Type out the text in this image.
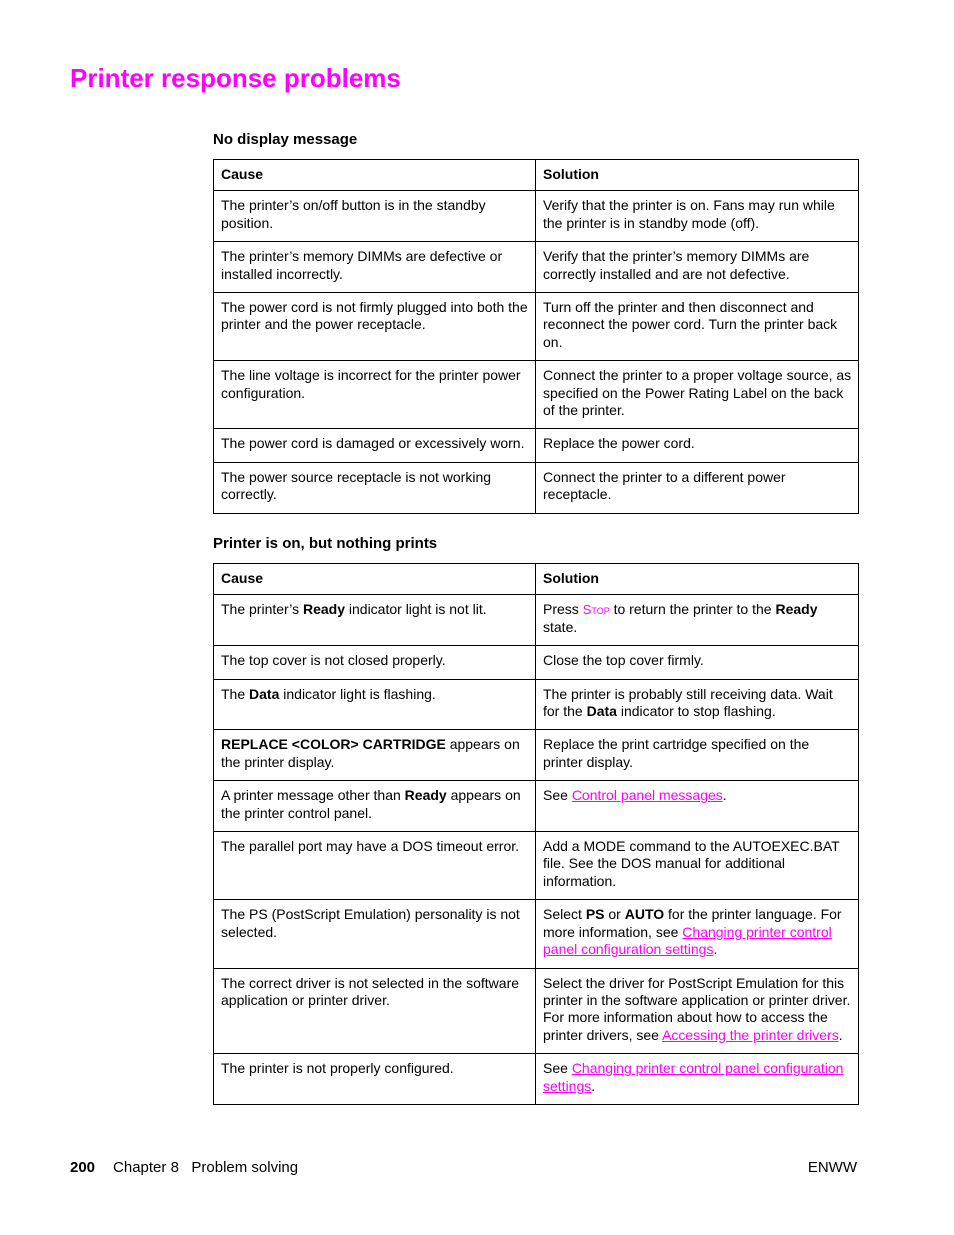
Printer response problems
No display message
Cause	Solution
The printer’s on/off button is in the standby position.	Verify that the printer is on. Fans may run while the printer is in standby mode (off).
The printer’s memory DIMMs are defective or installed incorrectly.	Verify that the printer’s memory DIMMs are correctly installed and are not defective.
The power cord is not firmly plugged into both the printer and the power receptacle.	Turn off the printer and then disconnect and reconnect the power cord. Turn the printer back on.
The line voltage is incorrect for the printer power configuration.	Connect the printer to a proper voltage source, as specified on the Power Rating Label on the back of the printer.
The power cord is damaged or excessively worn.	Replace the power cord.
The power source receptacle is not working correctly.	Connect the printer to a different power receptacle.
Printer is on, but nothing prints
Cause	Solution
The printer’s Ready indicator light is not lit.	Press Stop to return the printer to the Ready state.
The top cover is not closed properly.	Close the top cover firmly.
The Data indicator light is flashing.	The printer is probably still receiving data. Wait for the Data indicator to stop flashing.
REPLACE <COLOR> CARTRIDGE appears on the printer display.	Replace the print cartridge specified on the printer display.
A printer message other than Ready appears on the printer control panel.	See Control panel messages.
The parallel port may have a DOS timeout error.	Add a MODE command to the AUTOEXEC.BAT file. See the DOS manual for additional information.
The PS (PostScript Emulation) personality is not selected.	Select PS or AUTO for the printer language. For more information, see Changing printer control panel configuration settings.
The correct driver is not selected in the software application or printer driver.	Select the driver for PostScript Emulation for this printer in the software application or printer driver. For more information about how to access the printer drivers, see Accessing the printer drivers.
The printer is not properly configured.	See Changing printer control panel configuration settings.
200 Chapter 8   Problem solving	ENWW
